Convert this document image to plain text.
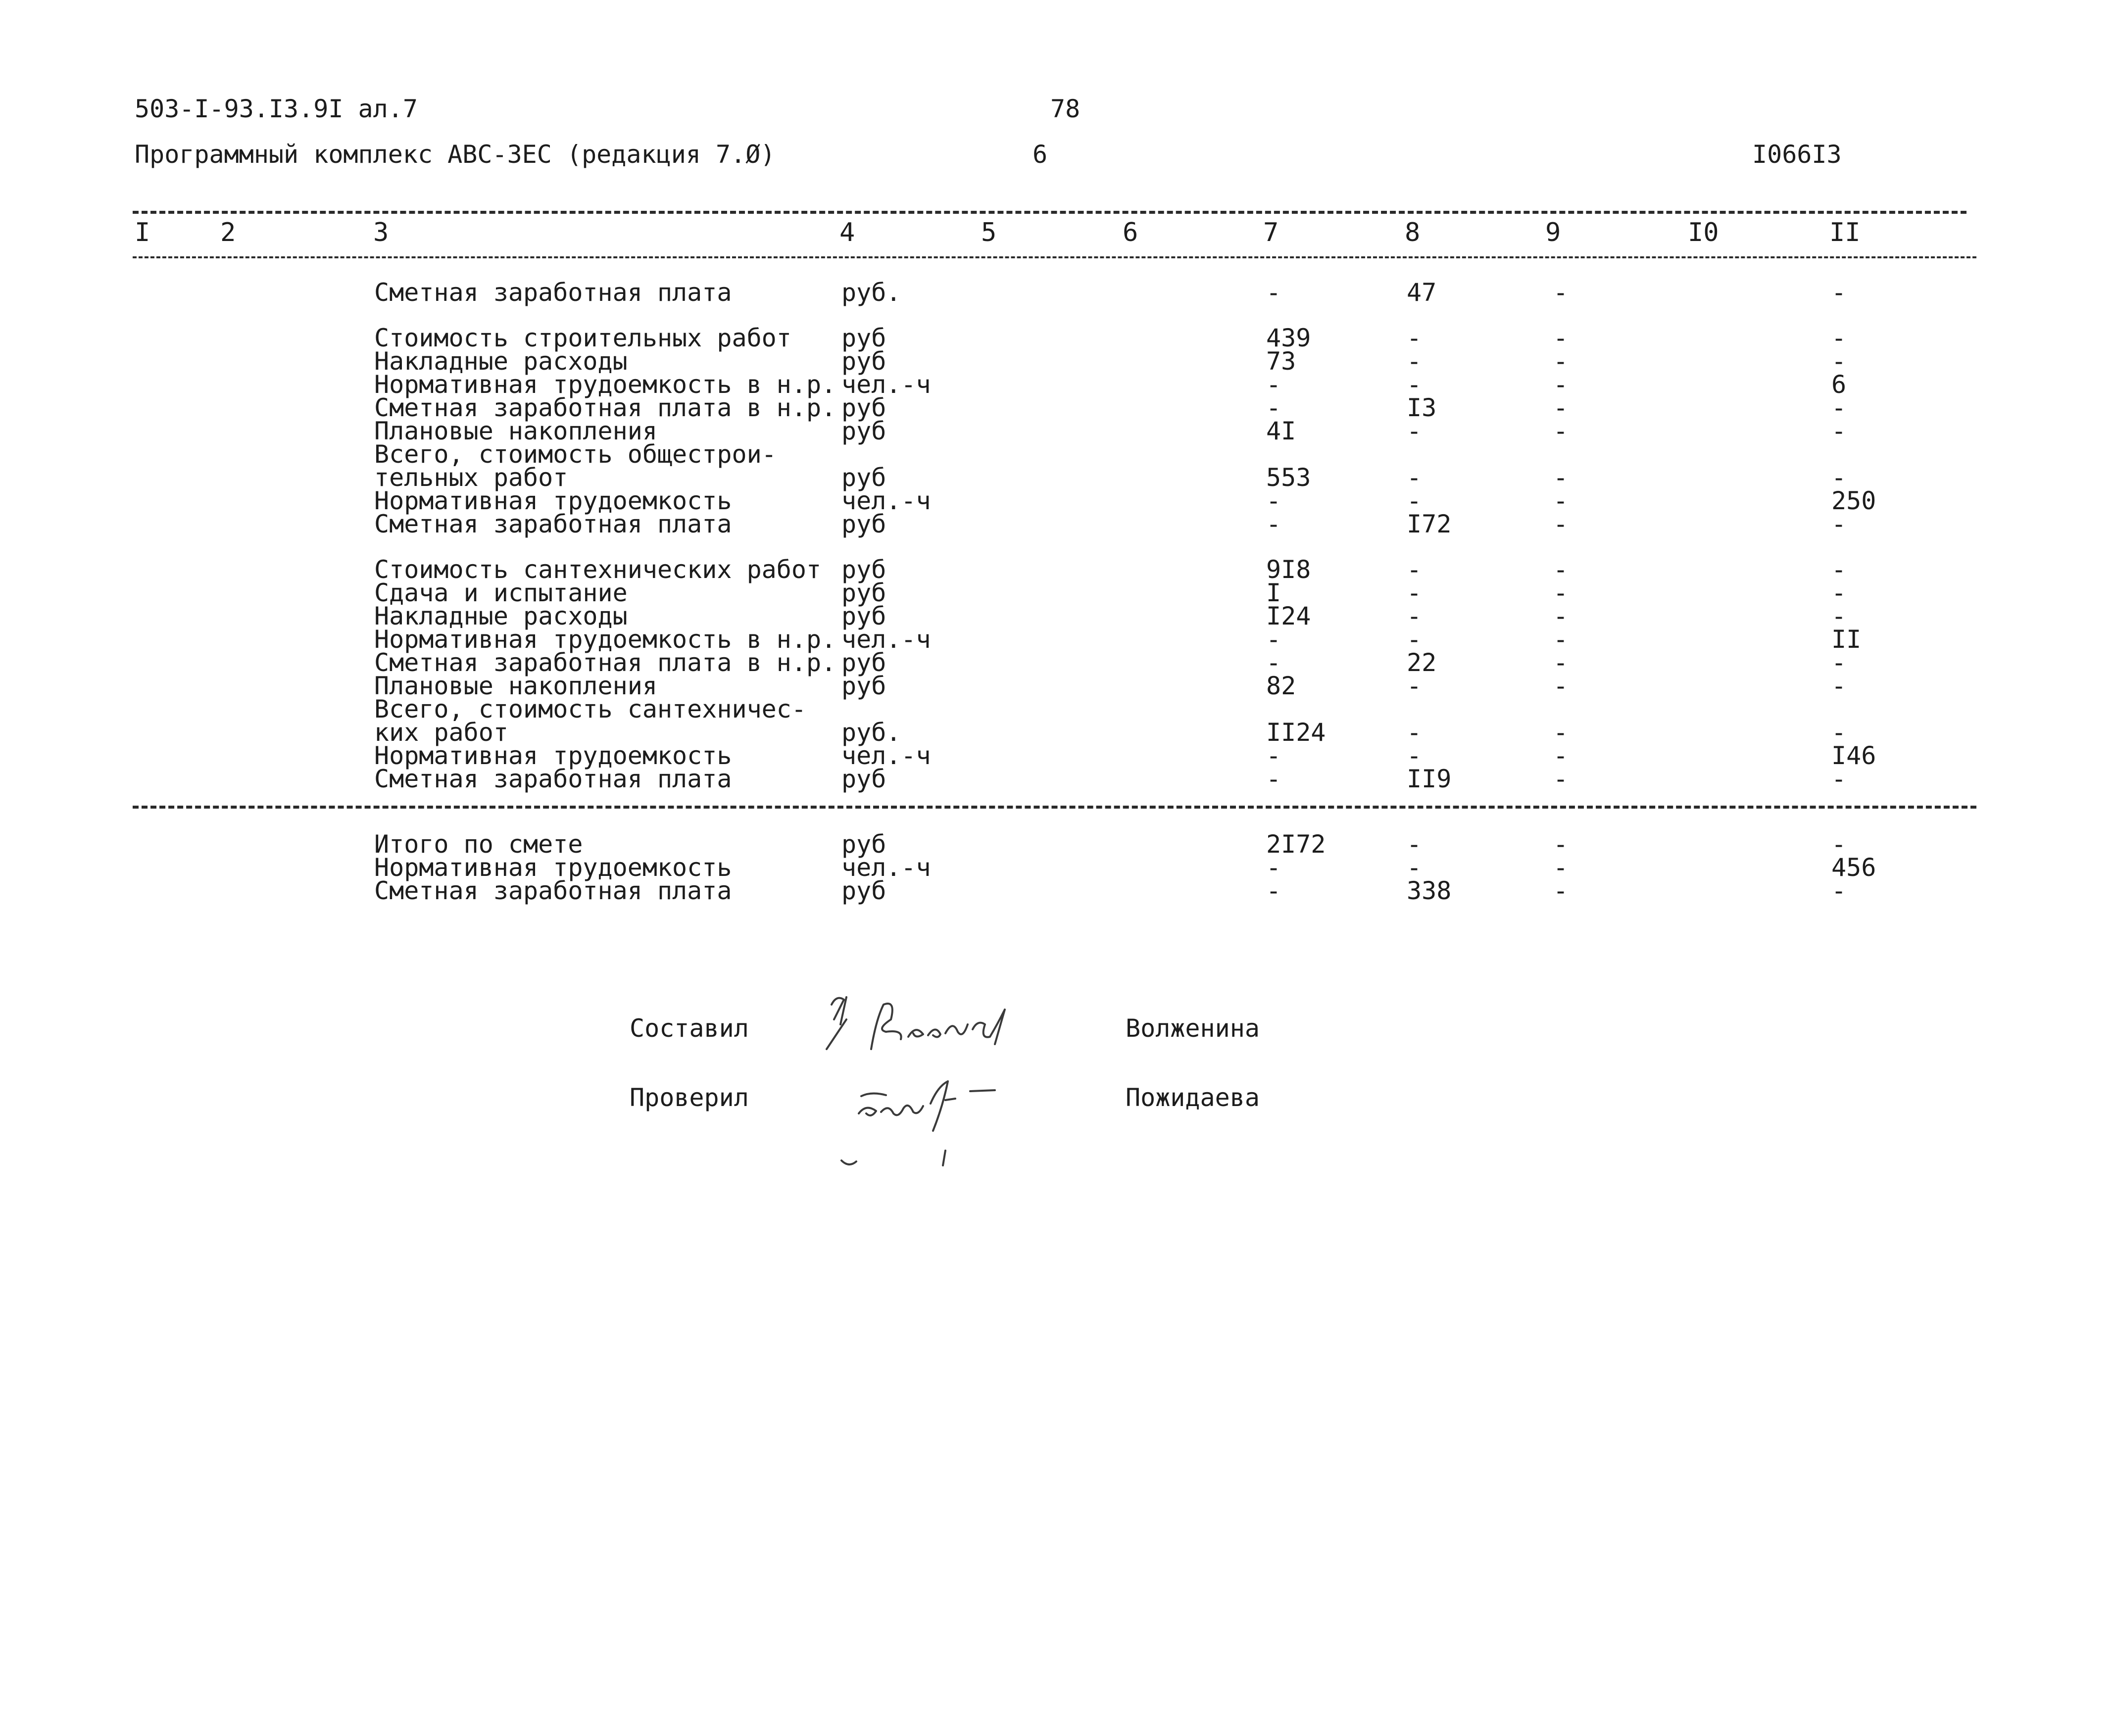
503-I-93.I3.9I ал.7	78
Программный комплекс АВС-3ЕС (редакция 7.Ø)	6	I066I3
I	2	3	4	5	6	7	8	9	I0	II
Сметная заработная плата	руб.	-	47	-	-
Стоимость строительных работ руб	439	-	-	-
Накладные расходы	руб	73	-	-	-
Нормативная трудоемкость в н.р. чел.-ч	-	-	-	6
Сметная заработная плата в н.р. руб	-	I3	-	-
Плановые накопления	руб	4I	-	-	-
Всего, стоимость общестрои-
тельных работ	руб	553	-	-	-
Нормативная трудоемкость	чел.-ч	-	-	-	250
Сметная заработная плата	руб	-	I72	-	-
Стоимость сантехнических работ руб	9I8	-	-	-
Сдача и испытание	руб	I	-	-	-
Накладные расходы	руб	I24	-	-	-
Нормативная трудоемкость в н.р. чел.-ч	-	-	-	II
Сметная заработная плата в н.р. руб	-	22	-	-
Плановые накопления	руб	82	-	-	-
Всего, стоимость сантехничес-
ких работ	руб.	II24	-	-	-
Нормативная трудоемкость	чел.-ч	-	-	-	I46
Сметная заработная плата	руб	-	II9	-	-
Итого по смете	руб	2I72	-	-	-
Нормативная трудоемкость	чел.-ч	-	-	-	456
Сметная заработная плата	руб	-	338	-	-
Составил	Волженина
Проверил	Пожидаева
